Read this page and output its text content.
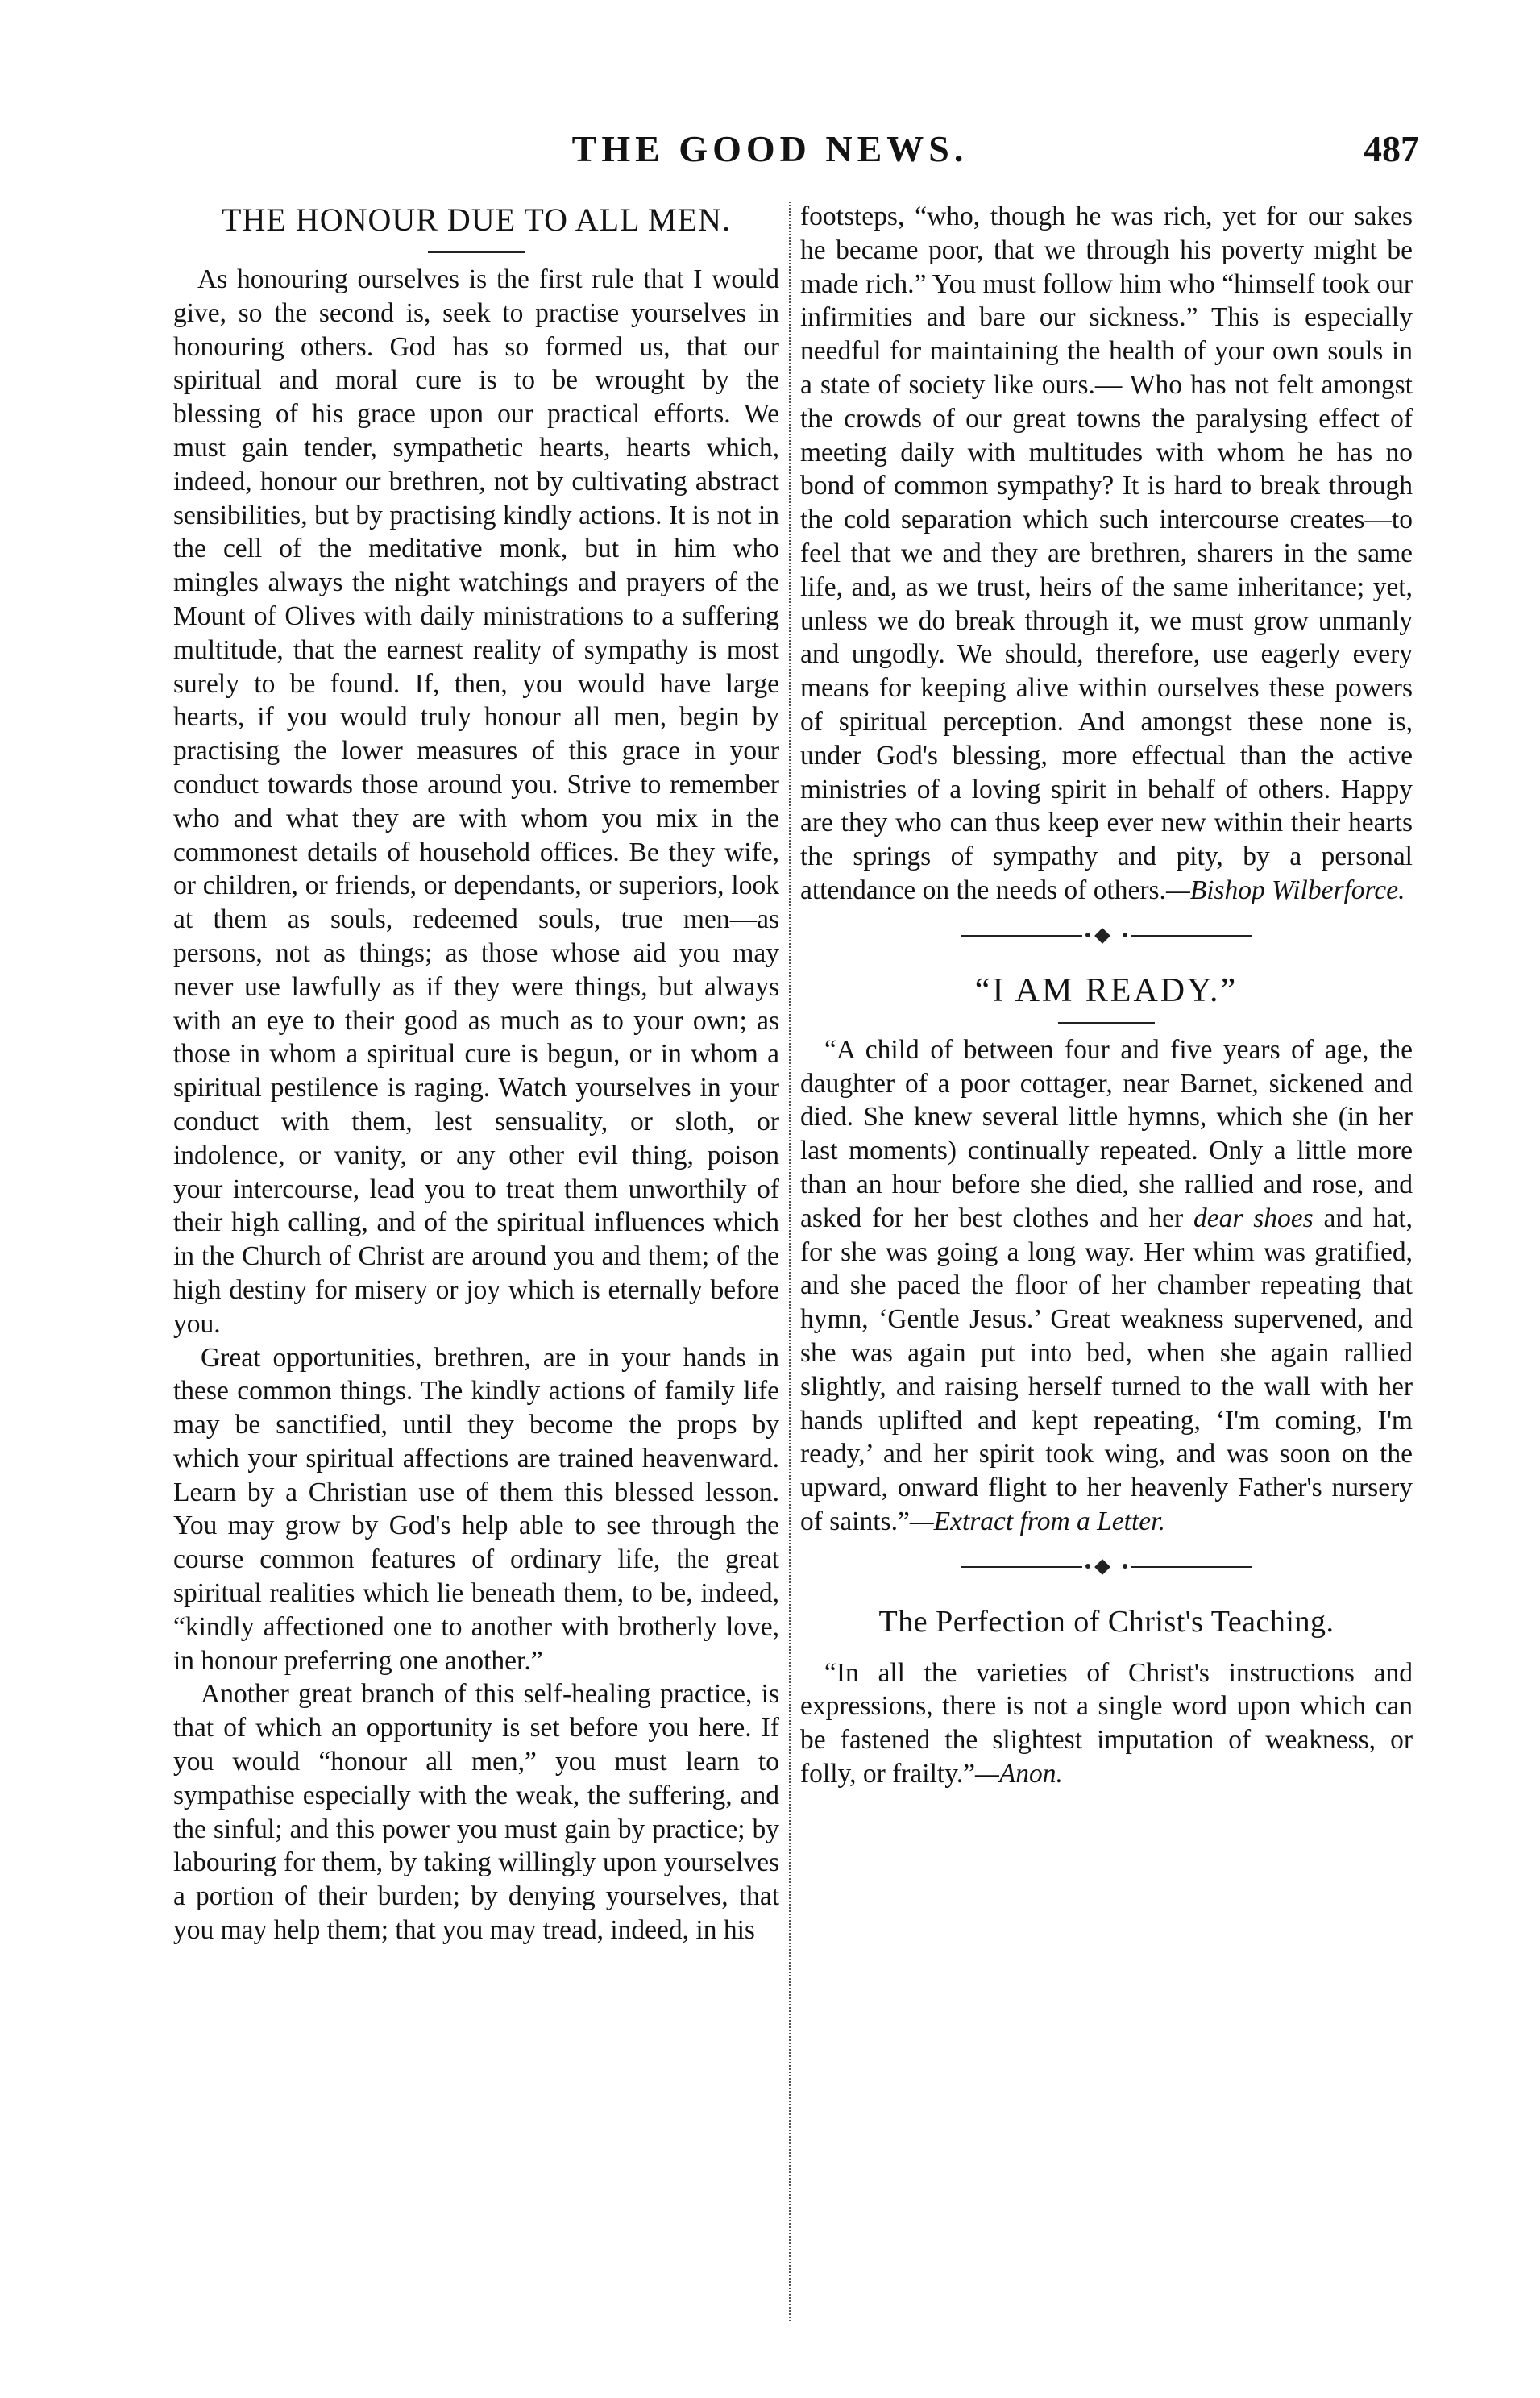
THE GOOD NEWS.	487
THE HONOUR DUE TO ALL MEN.

As honouring ourselves is the first rule that I would give, so the second is, seek to practise yourselves in honouring others. God has so formed us, that our spiritual and moral cure is to be wrought by the blessing of his grace upon our practical efforts. We must gain tender, sympathetic hearts, hearts which, indeed, honour our brethren, not by cultivating abstract sensibilities, but by practising kindly actions. It is not in the cell of the meditative monk, but in him who mingles always the night watchings and prayers of the Mount of Olives with daily ministrations to a suffering multitude, that the earnest reality of sympathy is most surely to be found. If, then, you would have large hearts, if you would truly honour all men, begin by practising the lower measures of this grace in your conduct towards those around you. Strive to remember who and what they are with whom you mix in the commonest details of household offices. Be they wife, or children, or friends, or dependants, or superiors, look at them as souls, redeemed souls, true men—as persons, not as things; as those whose aid you may never use lawfully as if they were things, but always with an eye to their good as much as to your own; as those in whom a spiritual cure is begun, or in whom a spiritual pestilence is raging. Watch yourselves in your conduct with them, lest sensuality, or sloth, or indolence, or vanity, or any other evil thing, poison your intercourse, lead you to treat them unworthily of their high calling, and of the spiritual influences which in the Church of Christ are around you and them; of the high destiny for misery or joy which is eternally before you.

Great opportunities, brethren, are in your hands in these common things. The kindly actions of family life may be sanctified, until they become the props by which your spiritual affections are trained heavenward. Learn by a Christian use of them this blessed lesson. You may grow by God's help able to see through the course common features of ordinary life, the great spiritual realities which lie beneath them, to be, indeed, “kindly affectioned one to another with brotherly love, in honour preferring one another.”

Another great branch of this self-healing practice, is that of which an opportunity is set before you here. If you would “honour all men,” you must learn to sympathise especially with the weak, the suffering, and the sinful; and this power you must gain by practice; by labouring for them, by taking willingly upon yourselves a portion of their burden; by denying yourselves, that you may help them; that you may tread, indeed, in his

footsteps, “who, though he was rich, yet for our sakes he became poor, that we through his poverty might be made rich.” You must follow him who “himself took our infirmities and bare our sickness.” This is especially needful for maintaining the health of your own souls in a state of society like ours.— Who has not felt amongst the crowds of our great towns the paralysing effect of meeting daily with multitudes with whom he has no bond of common sympathy? It is hard to break through the cold separation which such intercourse creates—to feel that we and they are brethren, sharers in the same life, and, as we trust, heirs of the same inheritance; yet, unless we do break through it, we must grow unmanly and ungodly. We should, therefore, use eagerly every means for keeping alive within ourselves these powers of spiritual perception. And amongst these none is, under God's blessing, more effectual than the active ministries of a loving spirit in behalf of others. Happy are they who can thus keep ever new within their hearts the springs of sympathy and pity, by a personal attendance on the needs of others.—Bishop Wilberforce.

“I AM READY.”

“A child of between four and five years of age, the daughter of a poor cottager, near Barnet, sickened and died. She knew several little hymns, which she (in her last moments) continually repeated. Only a little more than an hour before she died, she rallied and rose, and asked for her best clothes and her dear shoes and hat, for she was going a long way. Her whim was gratified, and she paced the floor of her chamber repeating that hymn, ‘Gentle Jesus.’ Great weakness supervened, and she was again put into bed, when she again rallied slightly, and raising herself turned to the wall with her hands uplifted and kept repeating, ‘I'm coming, I'm ready,’ and her spirit took wing, and was soon on the upward, onward flight to her heavenly Father's nursery of saints.”—Extract from a Letter.

The Perfection of Christ's Teaching.

“In all the varieties of Christ's instructions and expressions, there is not a single word upon which can be fastened the slightest imputation of weakness, or folly, or frailty.”—Anon.
